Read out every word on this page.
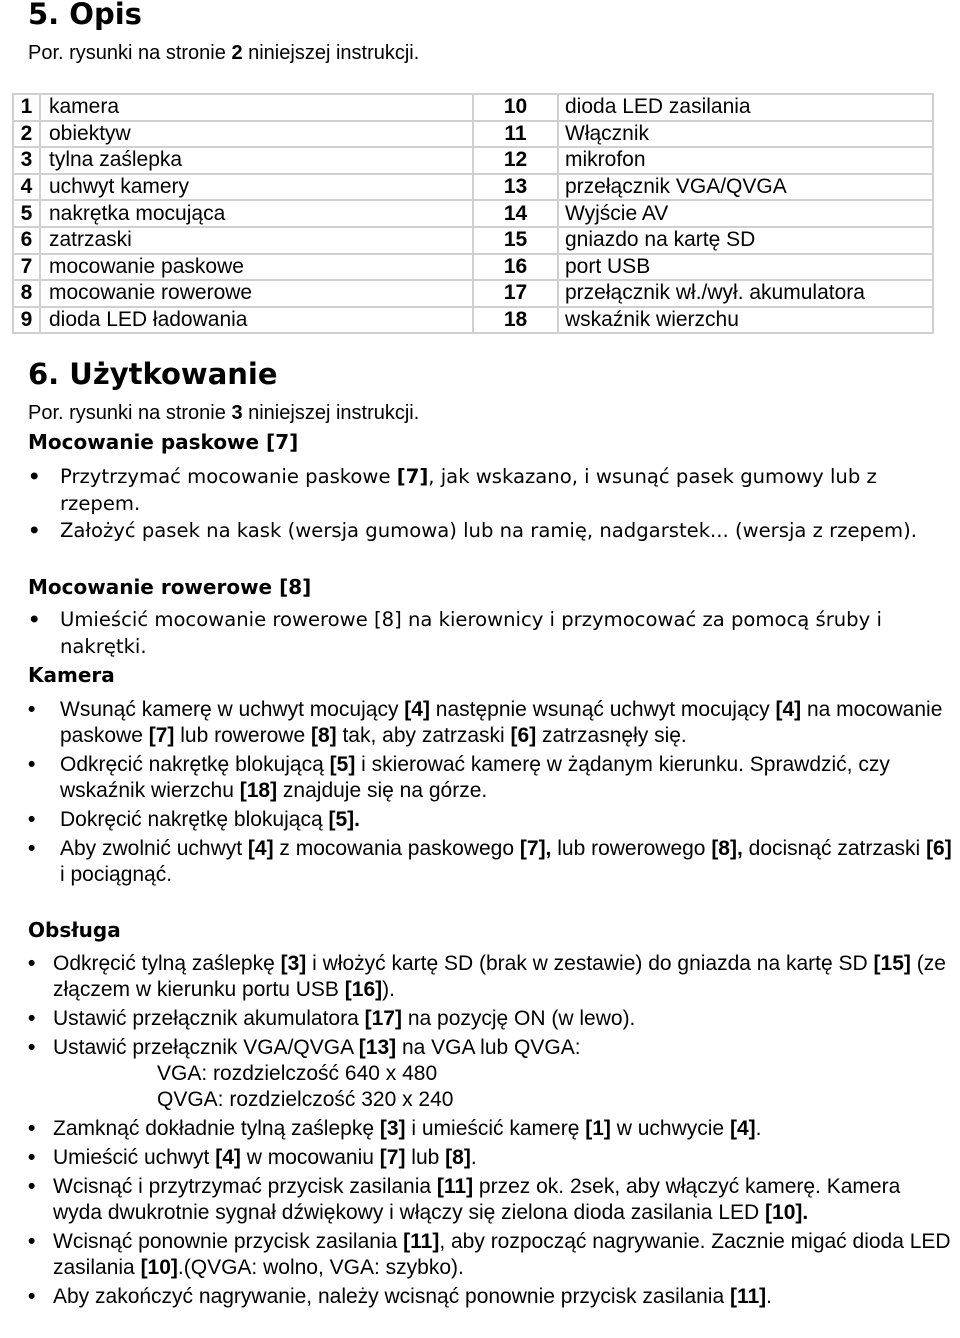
5. Opis
Por. rysunki na stronie 2 niniejszej instrukcji.
1	kamera	10	dioda LED zasilania
2	obiektyw	11	Włącznik
3	tylna zaślepka	12	mikrofon
4	uchwyt kamery	13	przełącznik VGA/QVGA
5	nakrętka mocująca	14	Wyjście AV
6	zatrzaski	15	gniazdo na kartę SD
7	mocowanie paskowe	16	port USB
8	mocowanie rowerowe	17	przełącznik wł./wył. akumulatora
9	dioda LED ładowania	18	wskaźnik wierzchu
6. Użytkowanie
Por. rysunki na stronie 3 niniejszej instrukcji.
Mocowanie paskowe [7]
• Przytrzymać mocowanie paskowe [7], jak wskazano, i wsunąć pasek gumowy lub z rzepem.
• Założyć pasek na kask (wersja gumowa) lub na ramię, nadgarstek... (wersja z rzepem).
Mocowanie rowerowe [8]
• Umieścić mocowanie rowerowe [8] na kierownicy i przymocować za pomocą śruby i nakrętki.
Kamera
• Wsunąć kamerę w uchwyt mocujący [4] następnie wsunąć uchwyt mocujący [4] na mocowanie paskowe [7] lub rowerowe [8] tak, aby zatrzaski [6] zatrzasnęły się.
• Odkręcić nakrętkę blokującą [5] i skierować kamerę w żądanym kierunku. Sprawdzić, czy wskaźnik wierzchu [18] znajduje się na górze.
• Dokręcić nakrętkę blokującą [5].
• Aby zwolnić uchwyt [4] z mocowania paskowego [7], lub rowerowego [8], docisnąć zatrzaski [6] i pociągnąć.
Obsługa
• Odkręcić tylną zaślepkę [3] i włożyć kartę SD (brak w zestawie) do gniazda na kartę SD [15] (ze złączem w kierunku portu USB [16]).
• Ustawić przełącznik akumulatora [17] na pozycję ON (w lewo).
• Ustawić przełącznik VGA/QVGA [13] na VGA lub QVGA:
VGA: rozdzielczość 640 x 480
QVGA: rozdzielczość 320 x 240
• Zamknąć dokładnie tylną zaślepkę [3] i umieścić kamerę [1] w uchwycie [4].
• Umieścić uchwyt [4] w mocowaniu [7] lub [8].
• Wcisnąć i przytrzymać przycisk zasilania [11] przez ok. 2sek, aby włączyć kamerę. Kamera wyda dwukrotnie sygnał dźwiękowy i włączy się zielona dioda zasilania LED [10].
• Wcisnąć ponownie przycisk zasilania [11], aby rozpocząć nagrywanie. Zacznie migać dioda LED zasilania [10].(QVGA: wolno, VGA: szybko).
• Aby zakończyć nagrywanie, należy wcisnąć ponownie przycisk zasilania [11].
